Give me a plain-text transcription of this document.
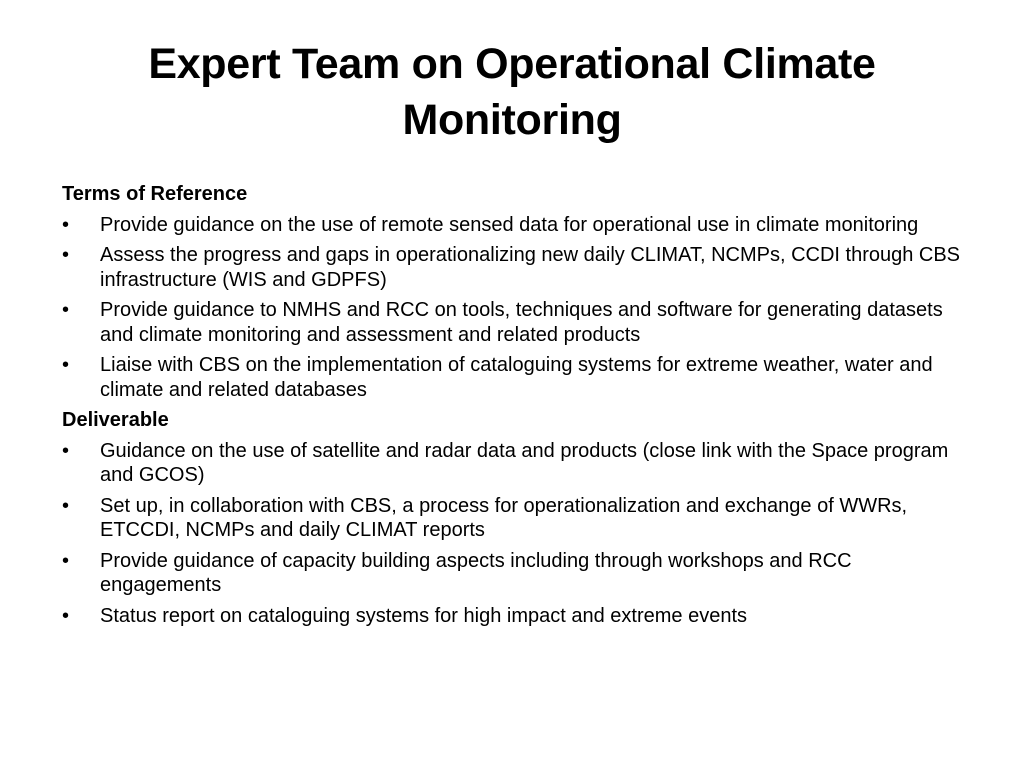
Expert Team on Operational Climate Monitoring
Terms of Reference
•	Provide guidance on the use of remote sensed data for operational use in climate monitoring
•	Assess the progress and gaps in operationalizing new daily CLIMAT, NCMPs, CCDI through CBS infrastructure (WIS and GDPFS)
•	Provide guidance to NMHS and RCC on tools, techniques and software for generating datasets and climate monitoring and assessment and related products
•	Liaise with CBS on the implementation of cataloguing systems for extreme weather, water and climate and related databases
Deliverable
•	Guidance on the use of satellite and radar data and products (close link with the Space program and GCOS)
•	Set up, in collaboration with CBS, a process for operationalization and exchange of WWRs, ETCCDI, NCMPs and daily CLIMAT reports
•	Provide guidance of capacity building aspects including through workshops and RCC engagements
•	Status report on cataloguing systems for high impact and extreme events
